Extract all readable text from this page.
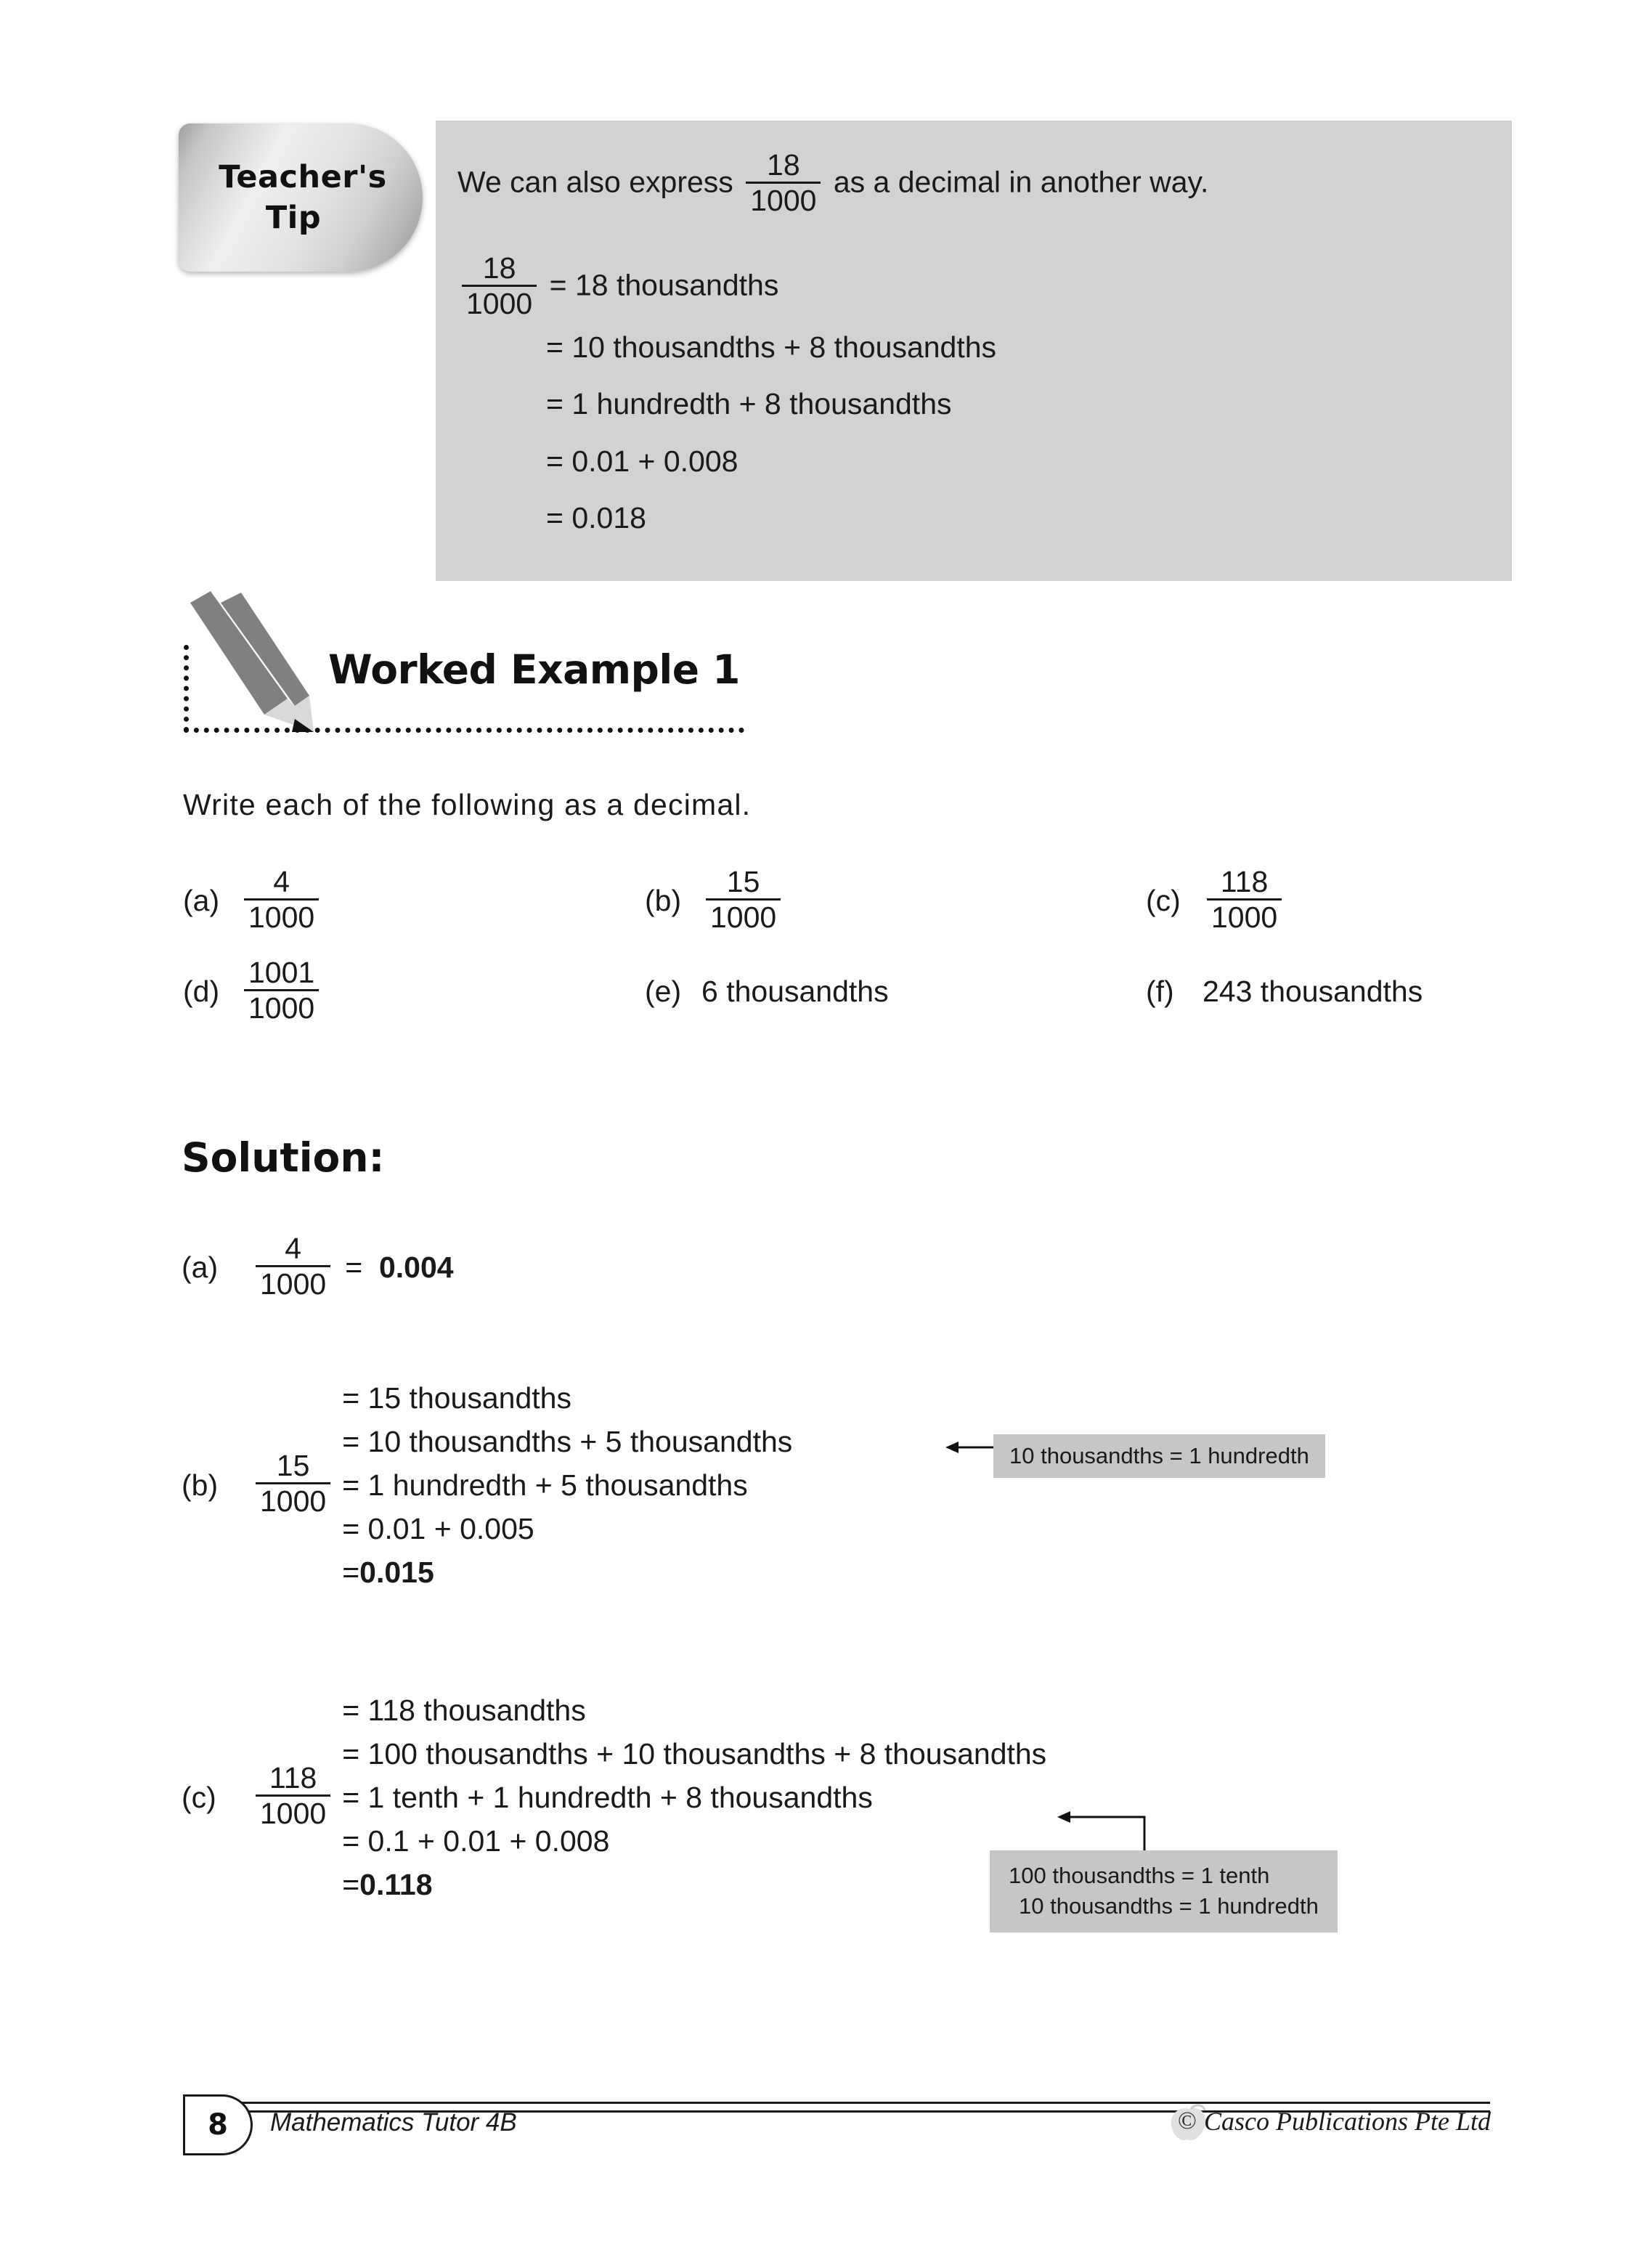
Teacher's
Tip
We can also express $\frac{18}{1000}$ as a decimal in another way.
$\frac{18}{1000} = 18$ thousandths
= 10 thousandths + 8 thousandths
= 1 hundredth + 8 thousandths
= 0.01 + 0.008
= 0.018
Worked Example 1
Write each of the following as a decimal.
$(a) \frac{4}{1000}$	$(b) \frac{15}{1000}$	$(c) \frac{118}{1000}$
$(d) \frac{1001}{1000}$	(e) 6 thousandths	(f) 243 thousandths
Solution:
(a)	$\frac{4}{1000} = 0.004$
(b)	$\frac{15}{1000}$
= 15 thousandths
= 10 thousandths + 5 thousandths
= 1 hundredth + 5 thousandths
= 0.01 + 0.005
= 0.015
(c)	$\frac{118}{1000}$
= 118 thousandths
= 100 thousandths + 10 thousandths + 8 thousandths
= 1 tenth + 1 hundredth + 8 thousandths
= 0.1 + 0.01 + 0.008
= 0.118
10 thousandths = 1 hundredth
100 thousandths = 1 tenth
10 thousandths = 1 hundredth
8	Mathematics Tutor 4B	© Casco Publications Pte Ltd
